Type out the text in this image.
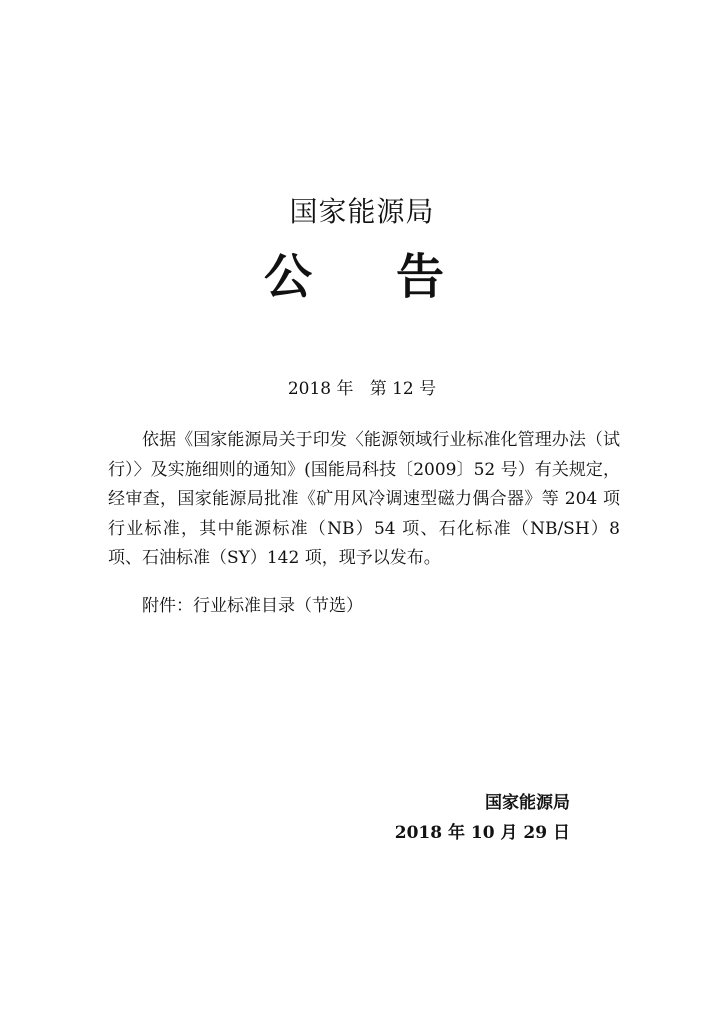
国家能源局
公 告
2018 年   第 12 号
依据《国家能源局关于印发〈能源领域行业标准化管理办法（试行）〉及实施细则的通知》(国能局科技〔2009〕52 号）有关规定，经审查，国家能源局批准《矿用风冷调速型磁力偶合器》等 204 项行业标准，其中能源标准（NB）54 项、石化标准（NB/SH）8 项、石油标准（SY）142 项，现予以发布。
附件：行业标准目录（节选）
国家能源局
2018 年 10 月 29 日
